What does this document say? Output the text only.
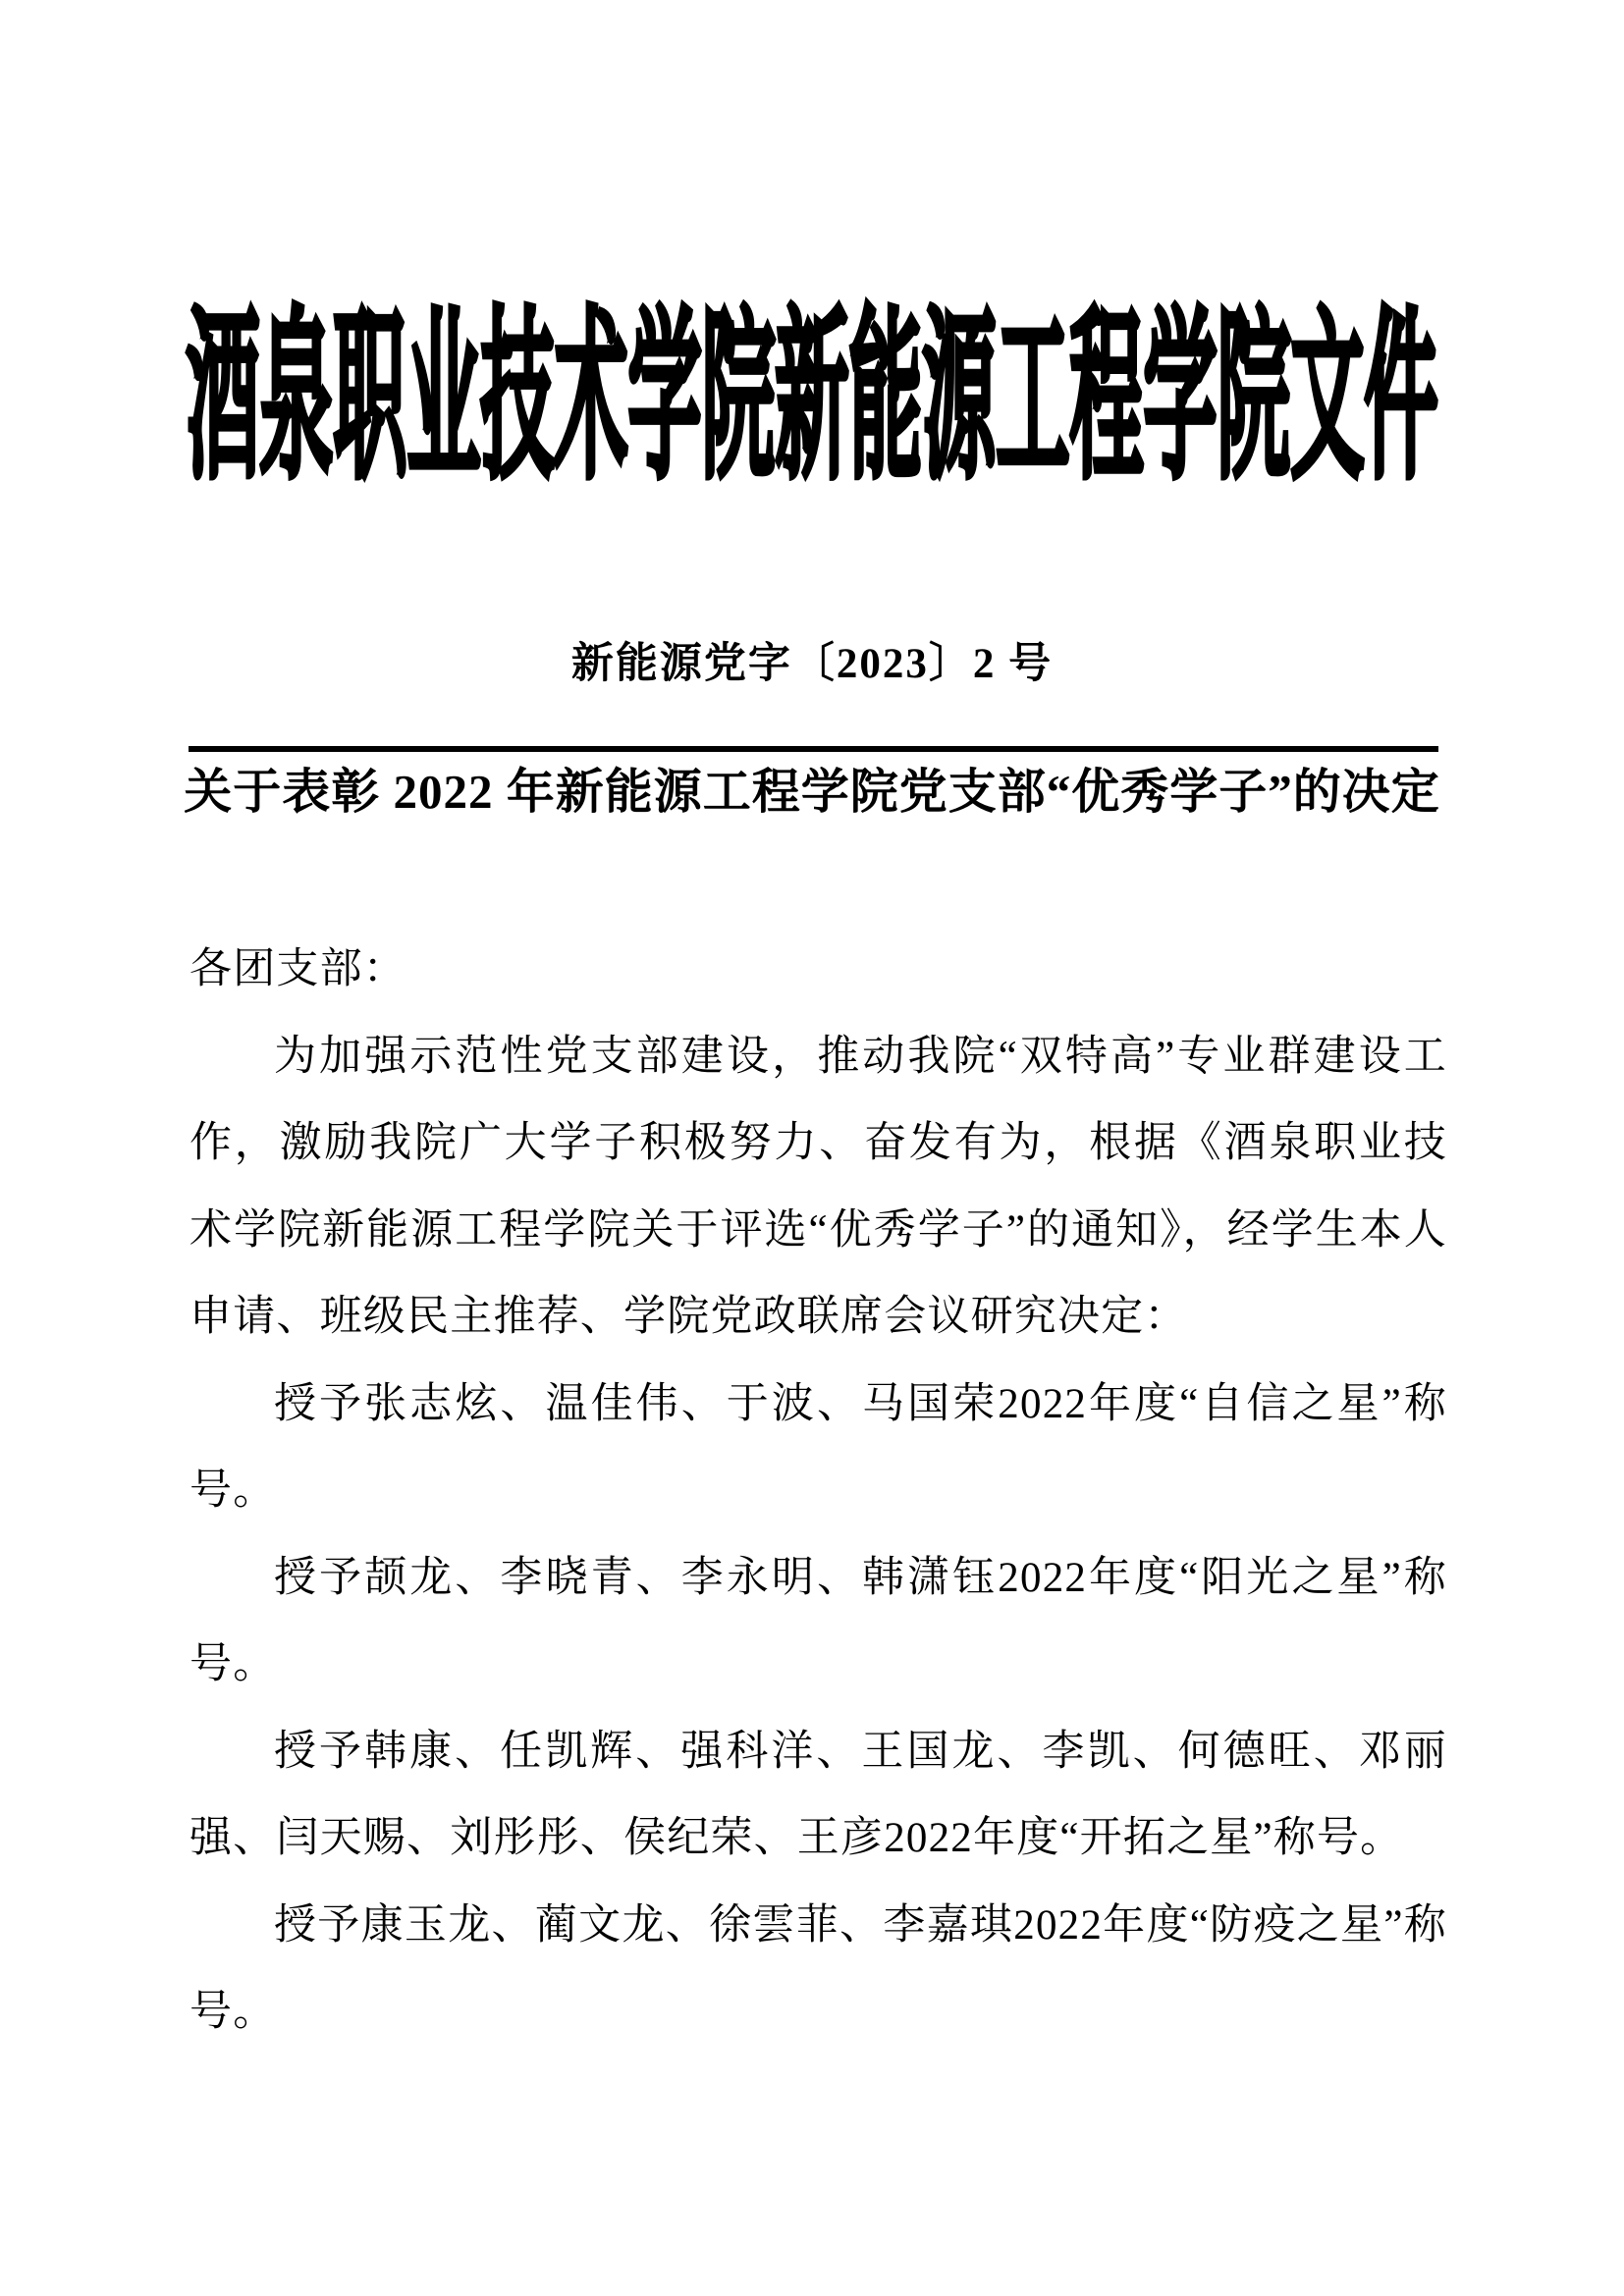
酒泉职业技术学院新能源工程学院文件
新能源党字〔2023〕2 号
关于表彰 2022 年新能源工程学院党支部“优秀学子”的决定

各团支部：

为加强示范性党支部建设，推动我院“双特高”专业群建设工作，激励我院广大学子积极努力、奋发有为，根据《酒泉职业技术学院新能源工程学院关于评选“优秀学子”的通知》，经学生本人申请、班级民主推荐、学院党政联席会议研究决定：

授予张志炫、温佳伟、于波、马国荣2022年度“自信之星”称号。

授予颉龙、李晓青、李永明、韩潇钰2022年度“阳光之星”称号。

授予韩康、任凯辉、强科洋、王国龙、李凯、何德旺、邓丽强、闫天赐、刘彤彤、侯纪荣、王彦2022年度“开拓之星”称号。

授予康玉龙、蔺文龙、徐雲菲、李嘉琪2022年度“防疫之星”称号。
